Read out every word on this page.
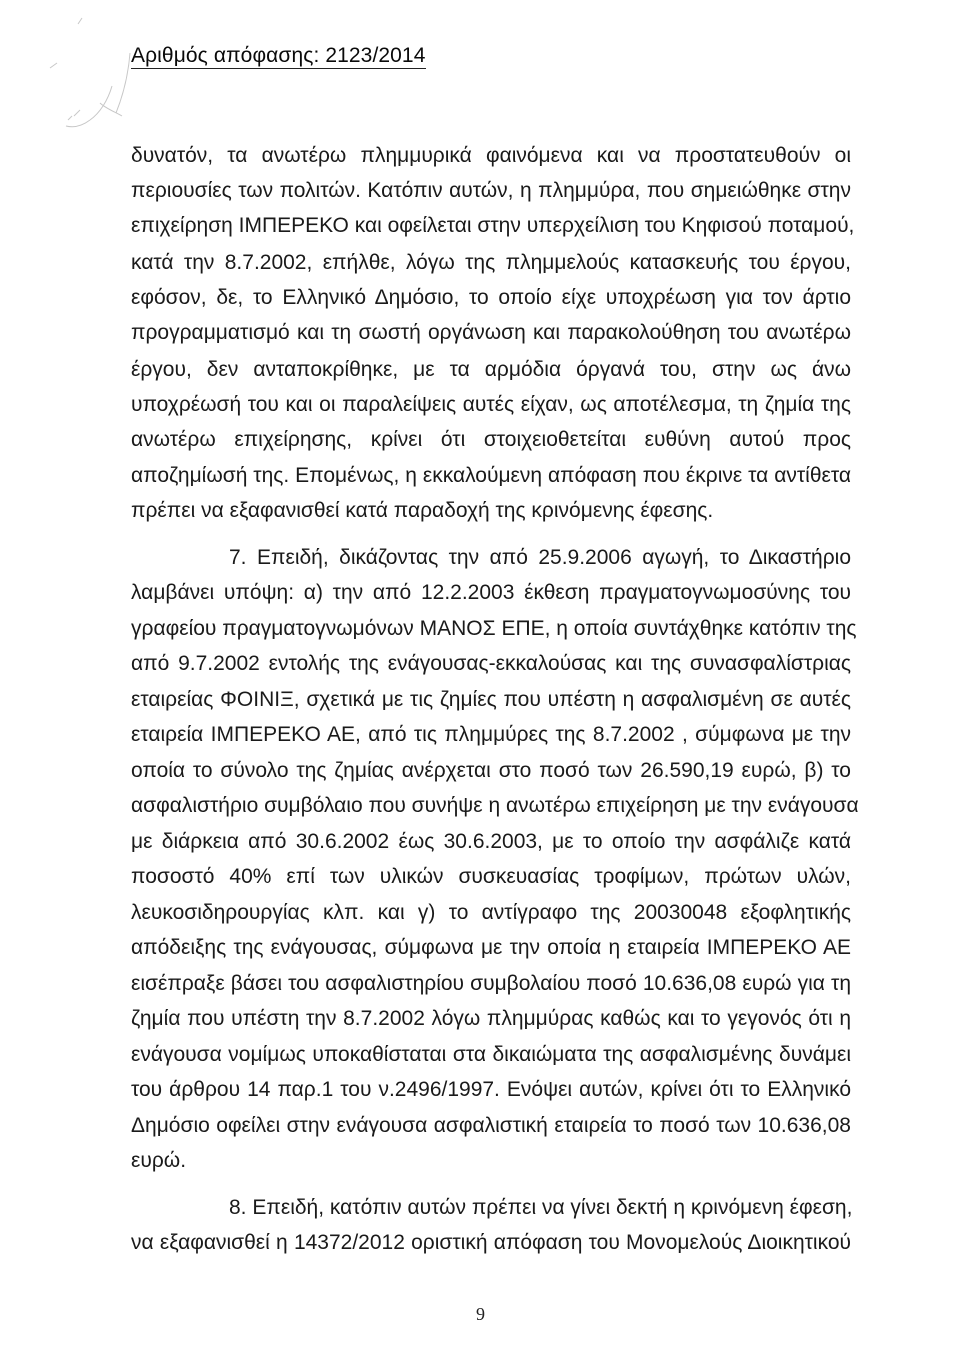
Αριθμός απόφασης: 2123/2014
δυνατόν, τα ανωτέρω πλημμυρικά φαινόμενα και να προστατευθούν οι
περιουσίες των πολιτών. Κατόπιν αυτών, η πλημμύρα, που σημειώθηκε στην
επιχείρηση ΙΜΠΕΡΕΚΟ και οφείλεται στην υπερχείλιση του Κηφισού ποταμού,
κατά την 8.7.2002, επήλθε, λόγω της πλημμελούς κατασκευής του έργου,
εφόσον, δε, το Ελληνικό Δημόσιο, το οποίο είχε υποχρέωση για τον άρτιο
προγραμματισμό και τη σωστή οργάνωση και παρακολούθηση του ανωτέρω
έργου, δεν ανταποκρίθηκε, με τα αρμόδια όργανά του, στην ως άνω
υποχρέωσή του και οι παραλείψεις αυτές είχαν, ως αποτέλεσμα, τη ζημία της
ανωτέρω επιχείρησης, κρίνει ότι στοιχειοθετείται ευθύνη αυτού προς
αποζημίωσή της. Επομένως, η εκκαλούμενη απόφαση που έκρινε τα αντίθετα
πρέπει να εξαφανισθεί κατά παραδοχή της κρινόμενης έφεσης.
7. Επειδή, δικάζοντας την από 25.9.2006 αγωγή, το Δικαστήριο
λαμβάνει υπόψη: α) την από 12.2.2003 έκθεση πραγματογνωμοσύνης του
γραφείου πραγματογνωμόνων ΜΑΝΟΣ ΕΠΕ, η οποία συντάχθηκε κατόπιν της
από 9.7.2002 εντολής της ενάγουσας-εκκαλούσας και της συνασφαλίστριας
εταιρείας ΦΟΙΝΙΞ, σχετικά με τις ζημίες που υπέστη η ασφαλισμένη σε αυτές
εταιρεία ΙΜΠΕΡΕΚΟ ΑΕ, από τις πλημμύρες της 8.7.2002 , σύμφωνα με την
οποία το σύνολο της ζημίας ανέρχεται στο ποσό των 26.590,19 ευρώ, β) το
ασφαλιστήριο συμβόλαιο που συνήψε η ανωτέρω επιχείρηση με την ενάγουσα
με διάρκεια από 30.6.2002 έως 30.6.2003, με το οποίο την ασφάλιζε κατά
ποσοστό 40% επί των υλικών συσκευασίας τροφίμων, πρώτων υλών,
λευκοσιδηρουργίας κλπ. και γ) το αντίγραφο της 20030048 εξοφλητικής
απόδειξης της ενάγουσας, σύμφωνα με την οποία η εταιρεία ΙΜΠΕΡΕΚΟ ΑΕ
εισέπραξε βάσει του ασφαλιστηρίου συμβολαίου ποσό 10.636,08 ευρώ για τη
ζημία που υπέστη την 8.7.2002 λόγω πλημμύρας καθώς και το γεγονός ότι η
ενάγουσα νομίμως υποκαθίσταται στα δικαιώματα της ασφαλισμένης δυνάμει
του άρθρου 14 παρ.1 του ν.2496/1997. Ενόψει αυτών, κρίνει ότι το Ελληνικό
Δημόσιο οφείλει στην ενάγουσα ασφαλιστική εταιρεία το ποσό των 10.636,08
ευρώ.
8. Επειδή, κατόπιν αυτών πρέπει να γίνει δεκτή η κρινόμενη έφεση,
να εξαφανισθεί η 14372/2012 οριστική απόφαση του Μονομελούς Διοικητικού
9
